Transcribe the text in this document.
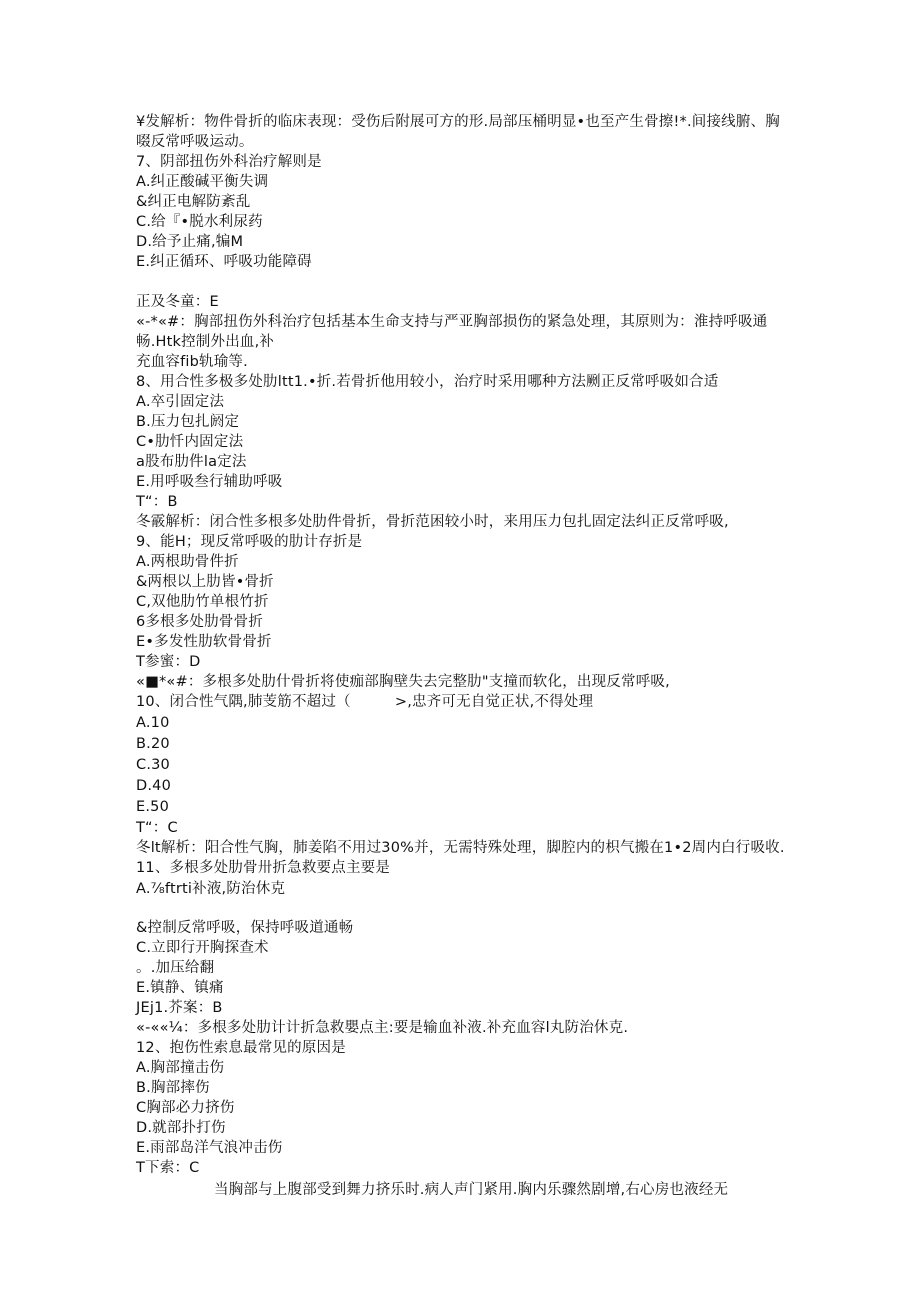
¥发解析：物件骨折的临床表现：受伤后附展可方的形.局部压桶明显•也至产生骨擦!*.间接线腑、胸
啜反常呼吸运动。
7、阴部扭伤外科治疗解则是
A.纠正酸碱平衡失调
&纠正电解防紊乱
C.给『•脱水利尿药
D.给予止痛,犏M
E.纠正循环、呼吸功能障碍
正及冬童：E
«-*«#：胸部扭伤外科治疗包括基本生命支持与严亚胸部损伤的紧急处理，其原则为：淮持呼吸通
畅.Htk控制外出血,补
充血容fib轨瑜等.
8、用合性多极多处肋ltt1.•折.若骨折他用较小，治疗时采用哪种方法劂正反常呼吸如合适
A.卒引固定法
B.压力包扎阏定
C•肋忏内固定法
a股布肋件la定法
E.用呼吸叁行辅助呼吸
T“：B
冬霰解析：闭合性多根多处肋件骨折，骨折范困较小时，来用压力包扎固定法纠正反常呼吸,
9、能H；现反常呼吸的肋计存折是
A.两根助骨件折
&两根以上肋皆•骨折
C,双他肋竹单根竹折
6多根多处肋骨骨折
E•多发性肋软骨骨折
T参蜜：D
«■*«#：多根多处肋什骨折将使痂部胸壁失去完整肋"支撞而软化，出现反常呼吸,
10、闭合性气隅,肺芰筋不超过（　　　>,忠齐可无自觉正状,不得处理
A.10
B.20
C.30
D.40
E.50
T“：C
冬lt解析：阳合性气胸，肺姜陷不用过30%并，无需特殊处理，脚腔内的枳气搬在1•2周内白行吸收.
11、多根多处肋骨卅折急救要点主要是
A.⅞ftrti补液,防治休克
&控制反常呼吸，保持呼吸道通畅
C.立即行开胸探查术
。.加压给翻
E.镇静、镇痛
JEj1.芥案：B
«-««¼：多根多处肋计计折急救嬰点主:要是输血补液.补充血容l丸防治休克.
12、抱伤性索息最常见的原因是
A.胸部撞击伤
B.胸部摔伤
C胸部必力挤伤
D.就部扑打伤
E.雨部岛洋气浪冲击伤
T下索：C
当胸部与上腹部受到舞力挤乐时.病人声门紧用.胸内乐骤然剧增,右心房也液经无
